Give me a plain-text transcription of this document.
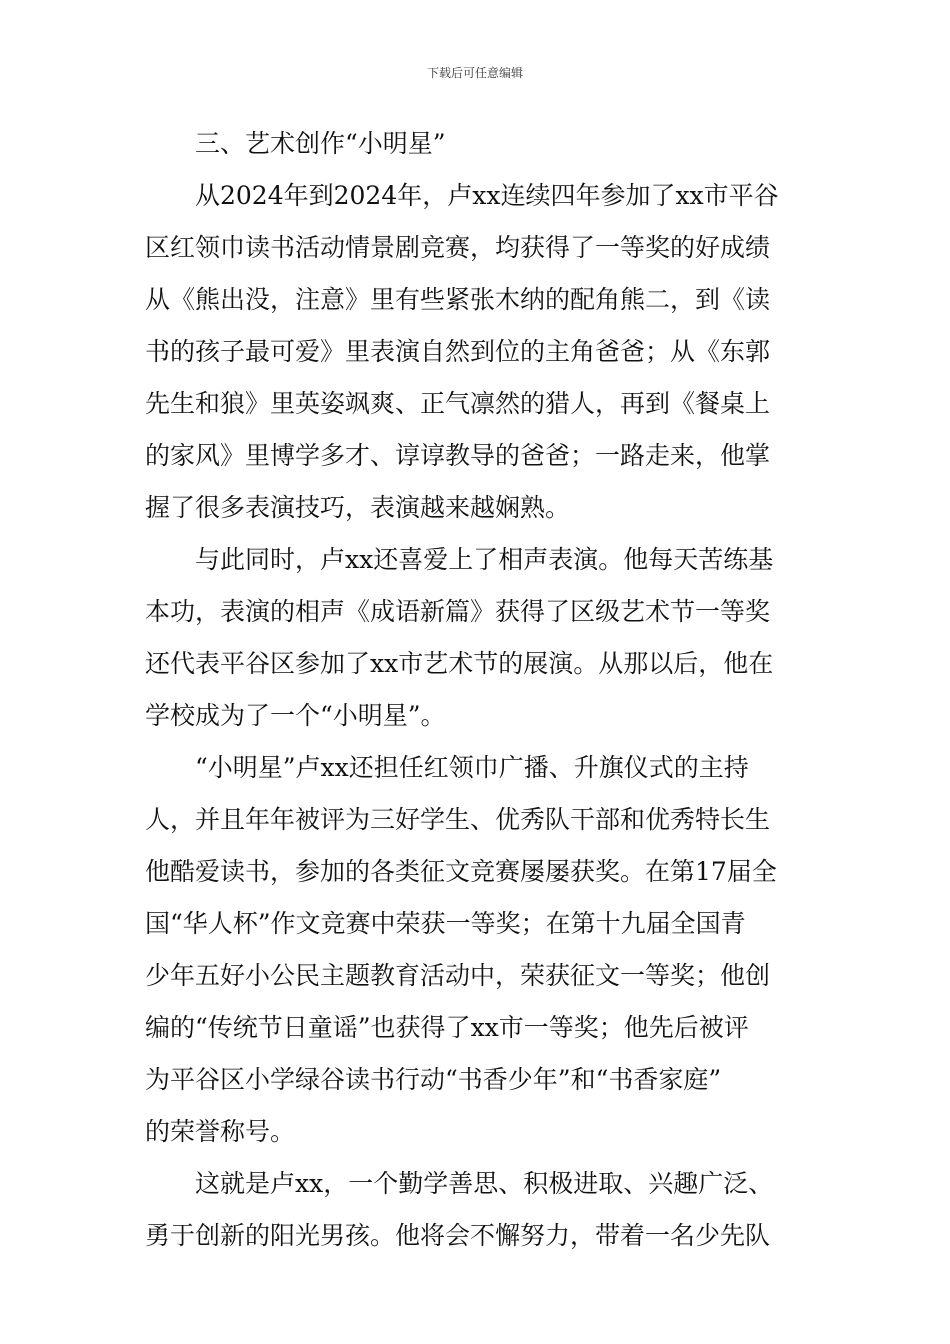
下载后可任意编辑
三、艺术创作“小明星”
从2024年到2024年，卢xx连续四年参加了xx市平谷
区红领巾读书活动情景剧竞赛，均获得了一等奖的好成绩
从《熊出没，注意》里有些紧张木纳的配角熊二，到《读
书的孩子最可爱》里表演自然到位的主角爸爸；从《东郭
先生和狼》里英姿飒爽、正气凛然的猎人，再到《餐桌上
的家风》里博学多才、谆谆教导的爸爸；一路走来，他掌
握了很多表演技巧，表演越来越娴熟。
与此同时，卢xx还喜爱上了相声表演。他每天苦练基
本功，表演的相声《成语新篇》获得了区级艺术节一等奖
还代表平谷区参加了xx市艺术节的展演。从那以后，他在
学校成为了一个“小明星”。
“小明星”卢xx还担任红领巾广播、升旗仪式的主持
人，并且年年被评为三好学生、优秀队干部和优秀特长生
他酷爱读书，参加的各类征文竞赛屡屡获奖。在第17届全
国“华人杯”作文竞赛中荣获一等奖；在第十九届全国青
少年五好小公民主题教育活动中，荣获征文一等奖；他创
编的“传统节日童谣”也获得了xx市一等奖；他先后被评
为平谷区小学绿谷读书行动“书香少年”和“书香家庭”
的荣誉称号。
这就是卢xx，一个勤学善思、积极进取、兴趣广泛、
勇于创新的阳光男孩。他将会不懈努力，带着一名少先队
